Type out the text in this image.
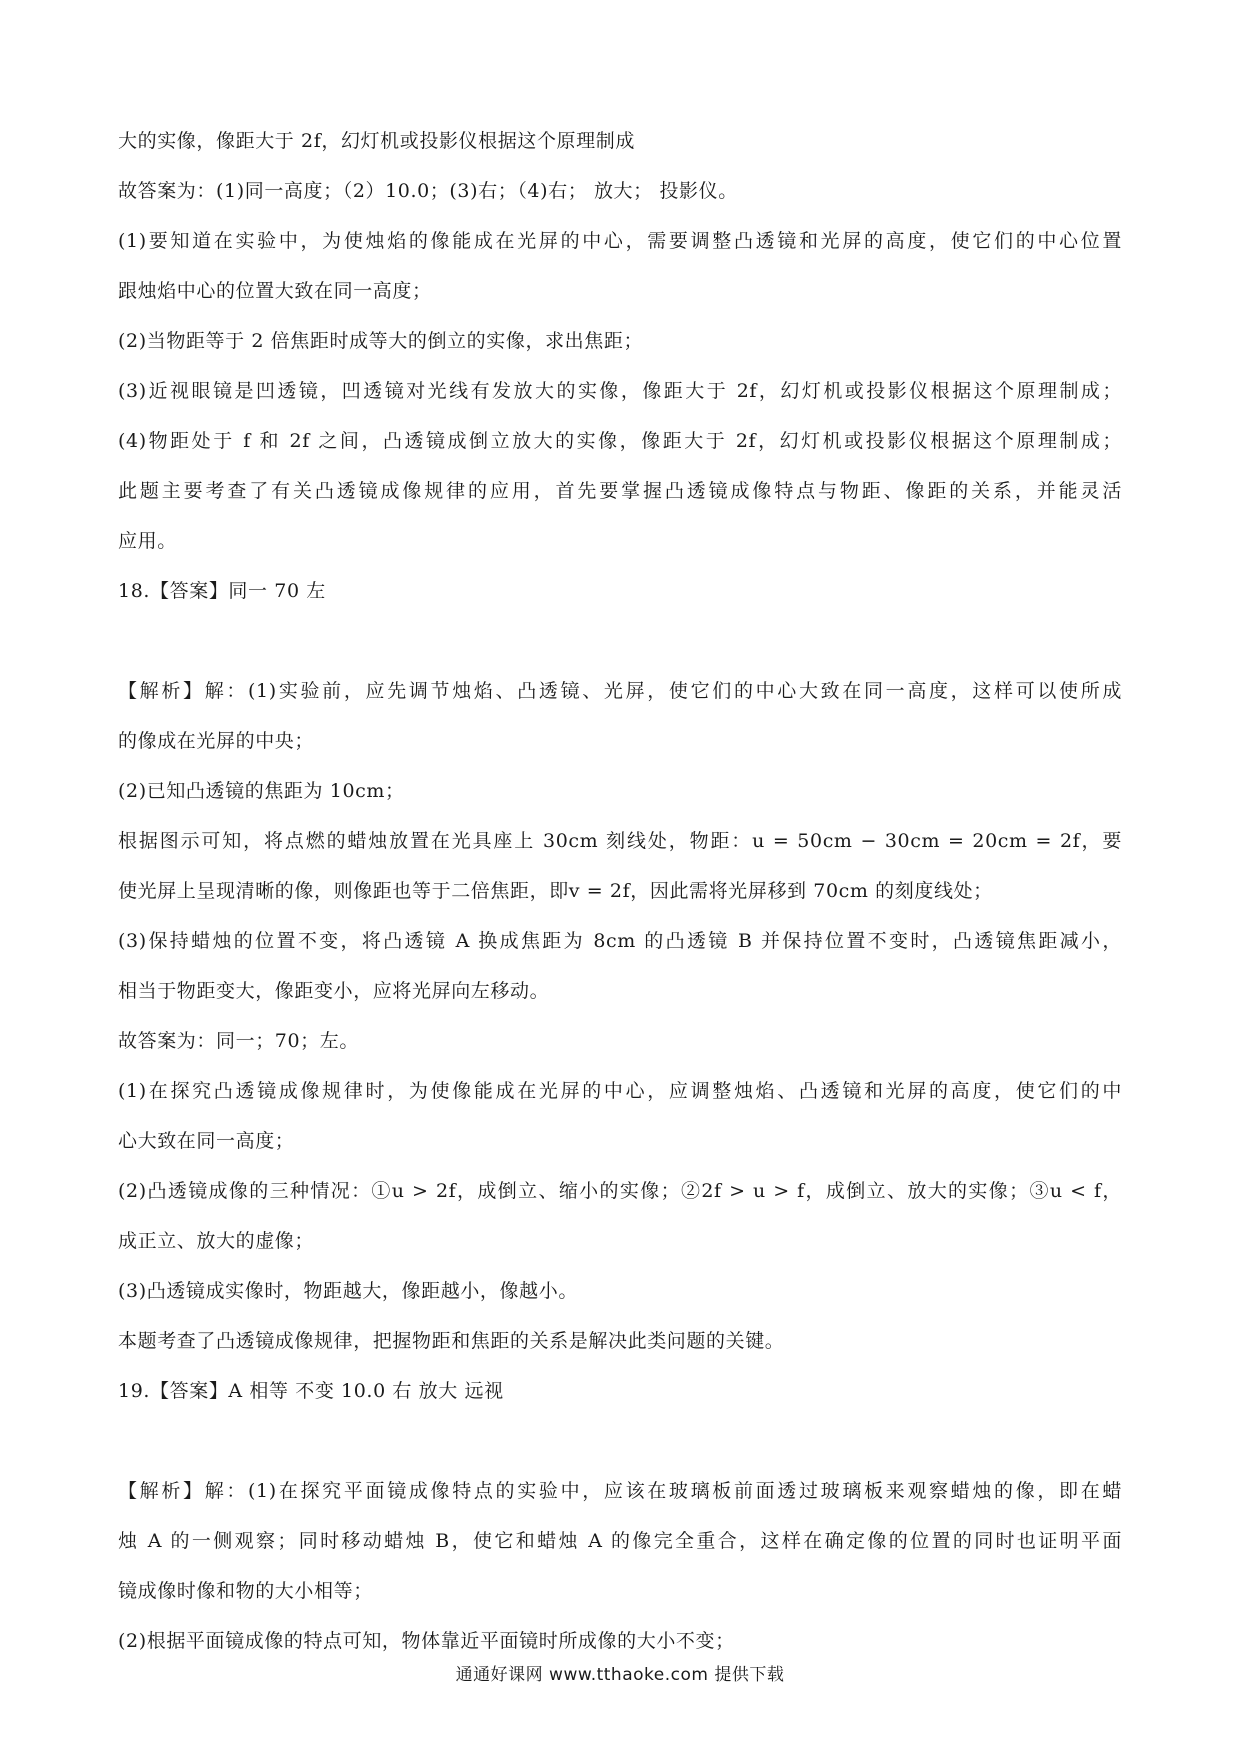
大的实像，像距大于 2f，幻灯机或投影仪根据这个原理制成
故答案为：(1)同一高度；（2）10.0；(3)右；（4)右； 放大； 投影仪。
(1)要知道在实验中，为使烛焰的像能成在光屏的中心，需要调整凸透镜和光屏的高度，使它们的中心位置
跟烛焰中心的位置大致在同一高度；
(2)当物距等于 2 倍焦距时成等大的倒立的实像，求出焦距；
(3)近视眼镜是凹透镜，凹透镜对光线有发放大的实像，像距大于 2f，幻灯机或投影仪根据这个原理制成；
(4)物距处于 f 和 2f 之间，凸透镜成倒立放大的实像，像距大于 2f，幻灯机或投影仪根据这个原理制成；
此题主要考查了有关凸透镜成像规律的应用，首先要掌握凸透镜成像特点与物距、像距的关系，并能灵活
应用。
18.【答案】同一 70 左
【解析】解：(1)实验前，应先调节烛焰、凸透镜、光屏，使它们的中心大致在同一高度，这样可以使所成
的像成在光屏的中央；
(2)已知凸透镜的焦距为 10cm；
根据图示可知，将点燃的蜡烛放置在光具座上 30cm 刻线处，物距：u = 50cm − 30cm = 20cm = 2f，要
使光屏上呈现清晰的像，则像距也等于二倍焦距，即v = 2f，因此需将光屏移到 70cm 的刻度线处；
(3)保持蜡烛的位置不变，将凸透镜 A 换成焦距为 8cm 的凸透镜 B 并保持位置不变时，凸透镜焦距减小，
相当于物距变大，像距变小，应将光屏向左移动。
故答案为：同一；70；左。
(1)在探究凸透镜成像规律时，为使像能成在光屏的中心，应调整烛焰、凸透镜和光屏的高度，使它们的中
心大致在同一高度；
(2)凸透镜成像的三种情况：①u > 2f，成倒立、缩小的实像；②2f > u > f，成倒立、放大的实像；③u < f，
成正立、放大的虚像；
(3)凸透镜成实像时，物距越大，像距越小，像越小。
本题考查了凸透镜成像规律，把握物距和焦距的关系是解决此类问题的关键。
19.【答案】A 相等 不变 10.0 右 放大 远视
【解析】解：(1)在探究平面镜成像特点的实验中，应该在玻璃板前面透过玻璃板来观察蜡烛的像，即在蜡
烛 A 的一侧观察；同时移动蜡烛 B，使它和蜡烛 A 的像完全重合，这样在确定像的位置的同时也证明平面
镜成像时像和物的大小相等；
(2)根据平面镜成像的特点可知，物体靠近平面镜时所成像的大小不变；
通通好课网 www.tthaoke.com 提供下载
